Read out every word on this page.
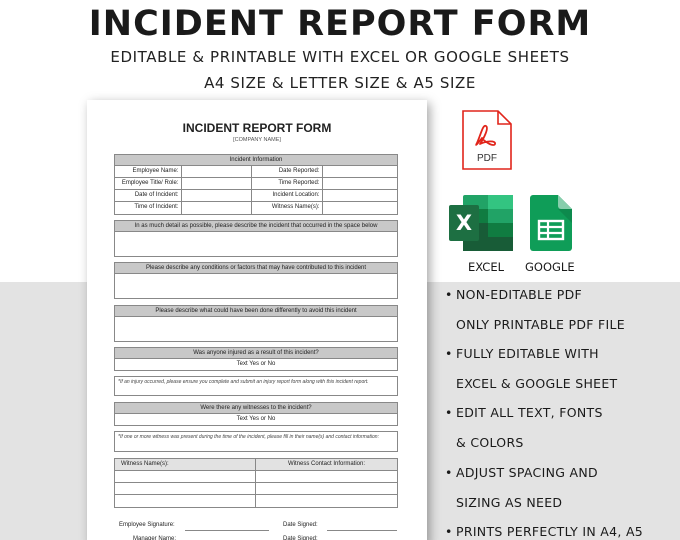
INCIDENT REPORT FORM
EDITABLE & PRINTABLE WITH EXCEL OR GOOGLE SHEETS
A4 SIZE & LETTER SIZE & A5 SIZE
INCIDENT REPORT FORM
[COMPANY NAME]
Incident Information
Employee Name:	Date Reported:
Employee Title/ Role:	Time Reported:
Date of Incident:	Incident Location:
Time of Incident:	Witness Name(s):
In as much detail as possible, please describe the incident that occurred in the space below
Please describe any conditions or factors that may have contributed to this incident
Please describe what could have been done differently to avoid this incident
Was anyone injured as a result of this incident?
Text Yes or No
*If an injury occurred, please ensure you complete and submit an injury report form along with this incident report.
Were there any witnesses to the incident?
Text Yes or No
*If one or more witness was present during the time of the incident, please fill in their name(s) and contact information:
Witness Name(s):	Witness Contact Information:
Employee Signature:	Date Signed:
Manager Name:	Date Signed:
PDF
X
EXCEL GOOGLE
• NON-EDITABLE PDF
ONLY PRINTABLE PDF FILE
• FULLY EDITABLE WITH
EXCEL & GOOGLE SHEET
• EDIT ALL TEXT, FONTS
& COLORS
• ADJUST SPACING AND
SIZING AS NEED
• PRINTS PERFECTLY IN A4, A5
